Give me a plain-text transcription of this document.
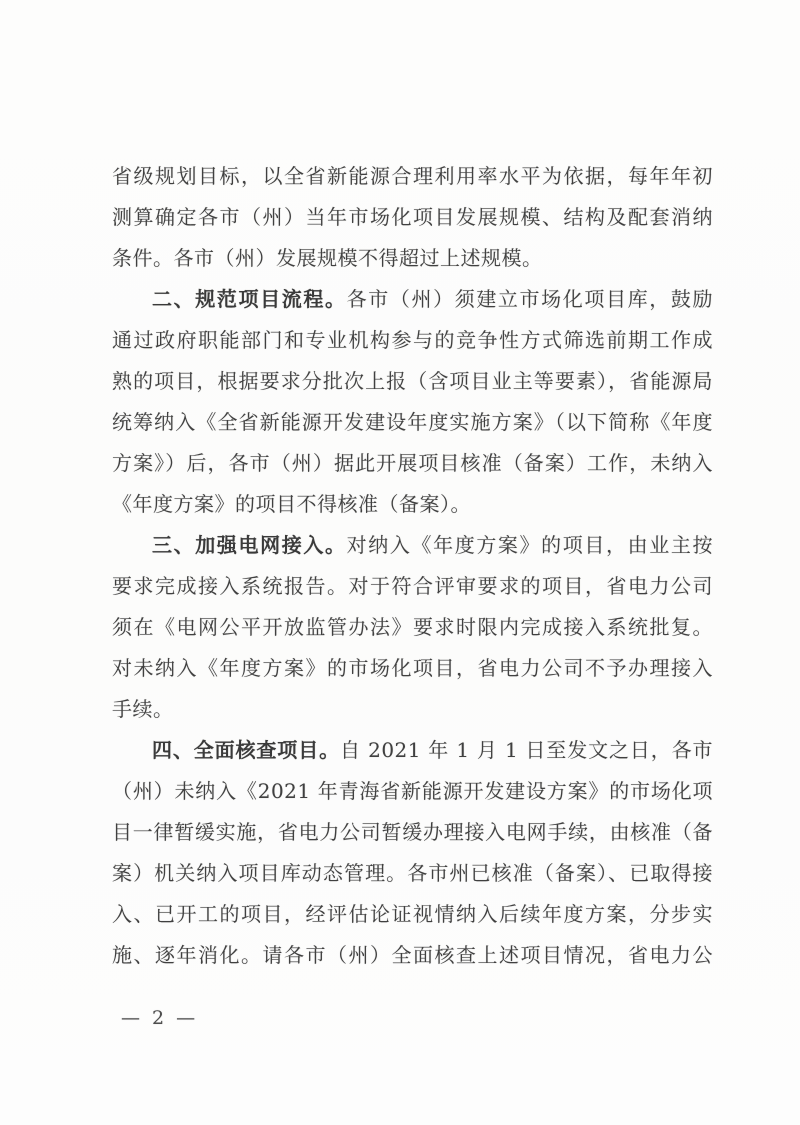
省级规划目标，以全省新能源合理利用率水平为依据，每年年初
测算确定各市（州）当年市场化项目发展规模、结构及配套消纳
条件。各市（州）发展规模不得超过上述规模。
二、规范项目流程。各市（州）须建立市场化项目库，鼓励
通过政府职能部门和专业机构参与的竞争性方式筛选前期工作成
熟的项目，根据要求分批次上报（含项目业主等要素），省能源局
统筹纳入《全省新能源开发建设年度实施方案》（以下简称《年度
方案》）后，各市（州）据此开展项目核准（备案）工作，未纳入
《年度方案》的项目不得核准（备案）。
三、加强电网接入。对纳入《年度方案》的项目，由业主按
要求完成接入系统报告。对于符合评审要求的项目，省电力公司
须在《电网公平开放监管办法》要求时限内完成接入系统批复。
对未纳入《年度方案》的市场化项目，省电力公司不予办理接入
手续。
四、全面核查项目。自 2021 年 1 月 1 日至发文之日，各市
（州）未纳入《2021 年青海省新能源开发建设方案》的市场化项
目一律暂缓实施，省电力公司暂缓办理接入电网手续，由核准（备
案）机关纳入项目库动态管理。各市州已核准（备案）、已取得接
入、已开工的项目，经评估论证视情纳入后续年度方案，分步实
施、逐年消化。请各市（州）全面核查上述项目情况，省电力公
— 2 —
